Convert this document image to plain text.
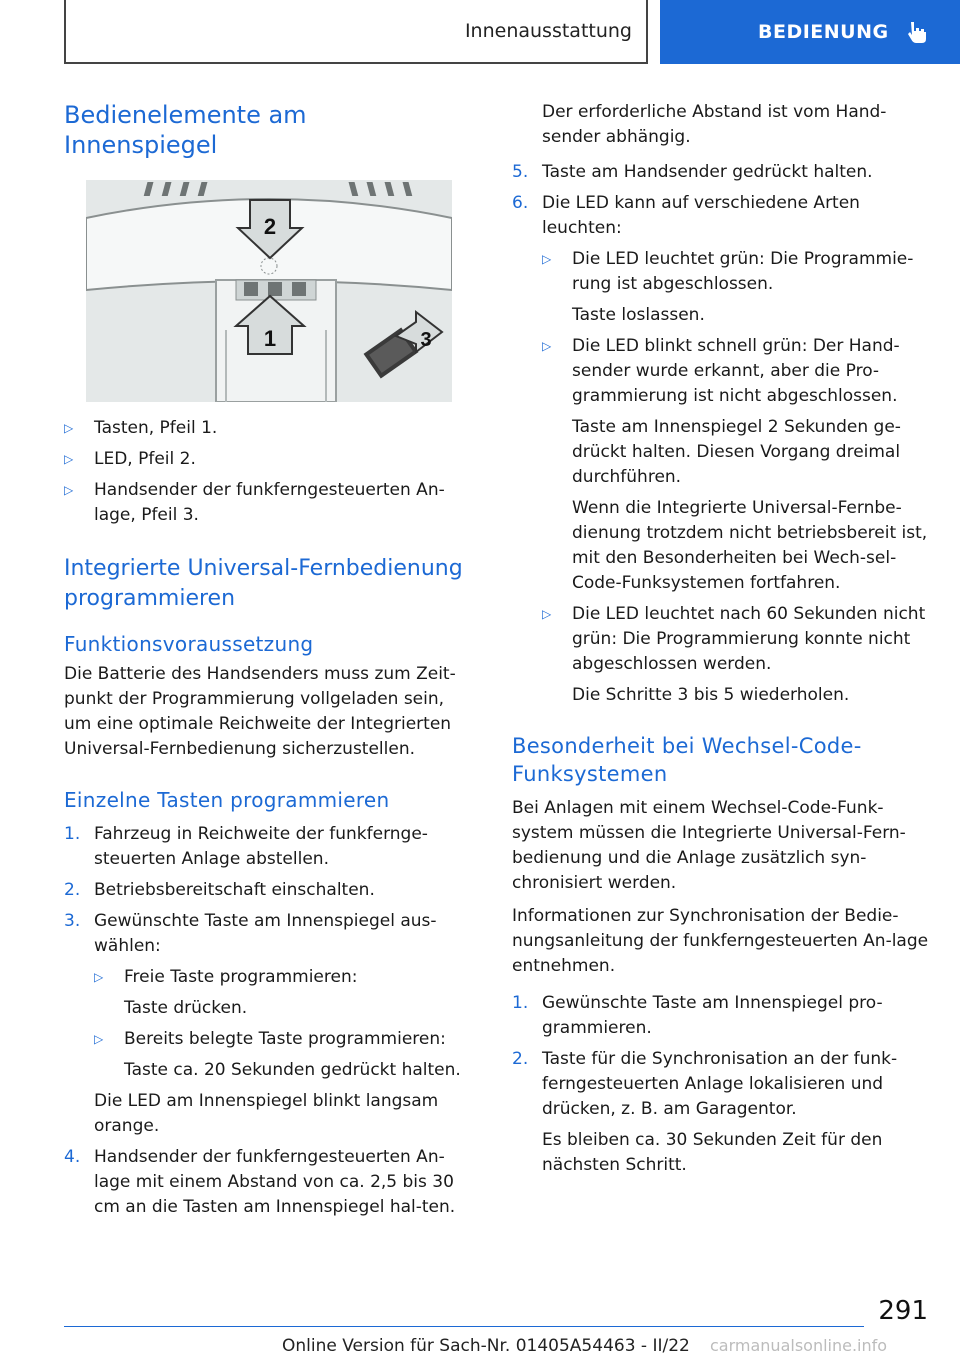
Innenausstattung	BEDIENUNG
Bedienelemente am Innenspiegel
2
1	3
▷ Tasten, Pfeil 1.
▷ LED, Pfeil 2.
▷ Handsender der funkferngesteuerten An-lage, Pfeil 3.
Integrierte Universal-Fernbedienung programmieren
Funktionsvoraussetzung

Die Batterie des Handsenders muss zum Zeit-punkt der Programmierung vollgeladen sein, um eine optimale Reichweite der Integrierten Universal-Fernbedienung sicherzustellen.

Einzelne Tasten programmieren
1. Fahrzeug in Reichweite der funkfernge-steuerten Anlage abstellen.
2. Betriebsbereitschaft einschalten.
3. Gewünschte Taste am Innenspiegel aus-wählen:
▷ Freie Taste programmieren:
Taste drücken.
▷ Bereits belegte Taste programmieren:
Taste ca. 20 Sekunden gedrückt halten.
Die LED am Innenspiegel blinkt langsam orange.
4. Handsender der funkferngesteuerten An-lage mit einem Abstand von ca. 2,5 bis 30 cm an die Tasten am Innenspiegel hal-ten.
Der erforderliche Abstand ist vom Hand-sender abhängig.
5. Taste am Handsender gedrückt halten.
6. Die LED kann auf verschiedene Arten leuchten:
▷ Die LED leuchtet grün: Die Programmie-rung ist abgeschlossen.
Taste loslassen.
▷ Die LED blinkt schnell grün: Der Hand-sender wurde erkannt, aber die Pro-grammierung ist nicht abgeschlossen.
Taste am Innenspiegel 2 Sekunden ge-drückt halten. Diesen Vorgang dreimal durchführen.
Wenn die Integrierte Universal-Fernbe-dienung trotzdem nicht betriebsbereit ist, mit den Besonderheiten bei Wech-sel-Code-Funksystemen fortfahren.
▷ Die LED leuchtet nach 60 Sekunden nicht grün: Die Programmierung konnte nicht abgeschlossen werden.
Die Schritte 3 bis 5 wiederholen.
Besonderheit bei Wechsel-Code-Funksystemen

Bei Anlagen mit einem Wechsel-Code-Funk-system müssen die Integrierte Universal-Fern-bedienung und die Anlage zusätzlich syn-chronisiert werden.

Informationen zur Synchronisation der Bedie-nungsanleitung der funkferngesteuerten An-lage entnehmen.

1. Gewünschte Taste am Innenspiegel pro-grammieren.
2. Taste für die Synchronisation an der funk-ferngesteuerten Anlage lokalisieren und drücken, z. B. am Garagentor.
Es bleiben ca. 30 Sekunden Zeit für den nächsten Schritt.
291
Online Version für Sach-Nr. 01405A54463 - II/22 carmanualsonline.info
